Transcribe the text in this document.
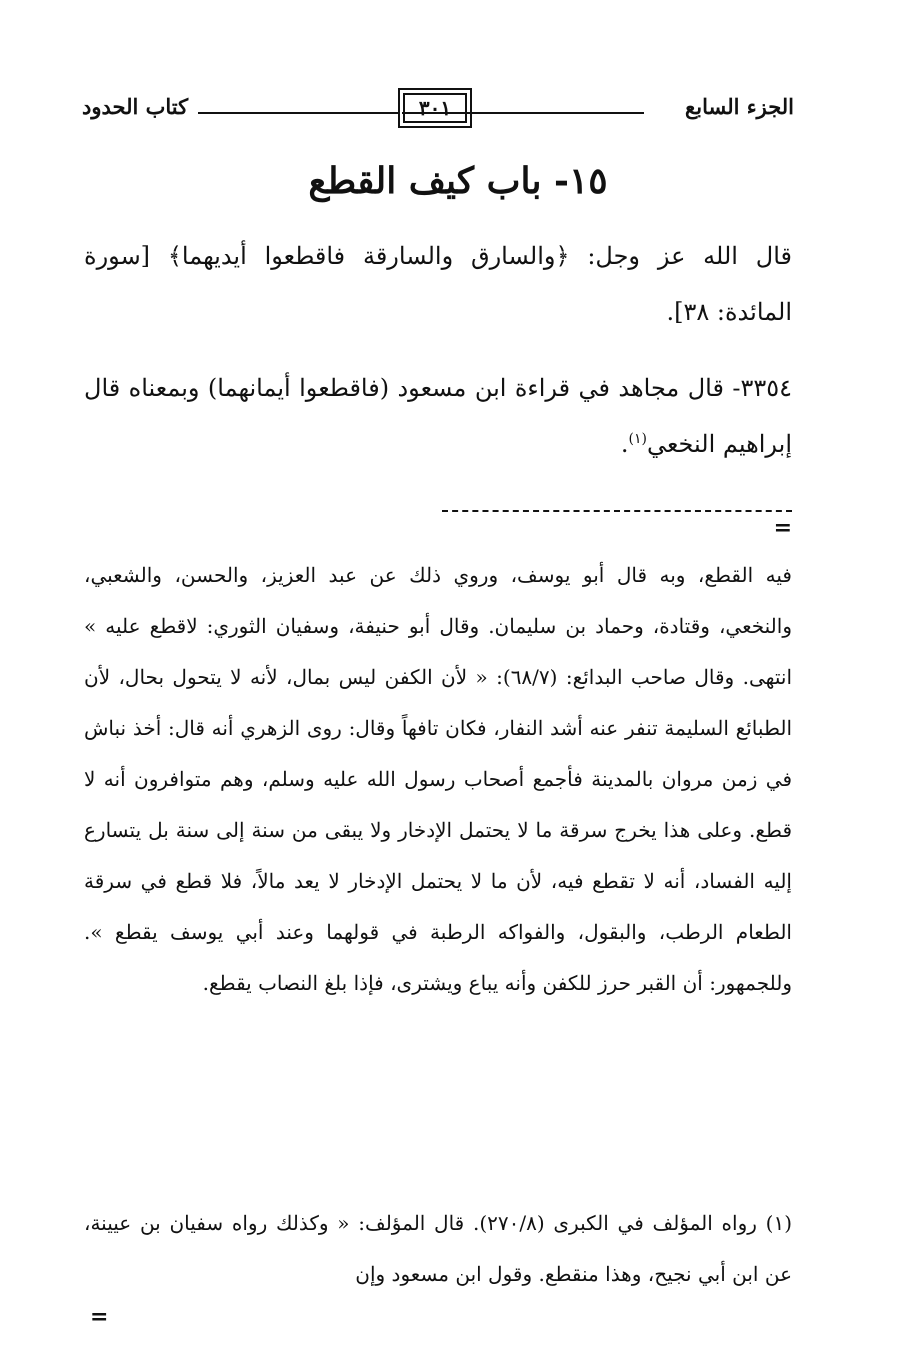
الجزء السابع
٣٠١
كتاب الحدود
١٥- باب كيف القطع

قال الله عز وجل: ﴿والسارق والسارقة فاقطعوا أيديهما﴾ [سورة المائدة: ٣٨].

٣٣٥٤- قال مجاهد في قراءة ابن مسعود (فاقطعوا أيمانهما) وبمعناه قال إبراهيم النخعي$^{(١)}$.

=

فيه القطع، وبه قال أبو يوسف، وروي ذلك عن عبد العزيز، والحسن، والشعبي، والنخعي، وقتادة، وحماد بن سليمان. وقال أبو حنيفة، وسفيان الثوري: لاقطع عليه » انتهى. وقال صاحب البدائع: (٦٨/٧): « لأن الكفن ليس بمال، لأنه لا يتحول بحال، لأن الطبائع السليمة تنفر عنه أشد النفار، فكان تافهاً وقال: روى الزهري أنه قال: أخذ نباش في زمن مروان بالمدينة فأجمع أصحاب رسول الله عليه وسلم، وهم متوافرون أنه لا قطع. وعلى هذا يخرج سرقة ما لا يحتمل الإدخار ولا يبقى من سنة إلى سنة بل يتسارع إليه الفساد، أنه لا تقطع فيه، لأن ما لا يحتمل الإدخار لا يعد مالاً، فلا قطع في سرقة الطعام الرطب، والبقول، والفواكه الرطبة في قولهما وعند أبي يوسف يقطع ». وللجمهور: أن القبر حرز للكفن وأنه يباع ويشترى، فإذا بلغ النصاب يقطع.

(١) رواه المؤلف في الكبرى (٢٧٠/٨). قال المؤلف: « وكذلك رواه سفيان بن عيينة، عن ابن أبي نجيح، وهذا منقطع. وقول ابن مسعود وإن

=
